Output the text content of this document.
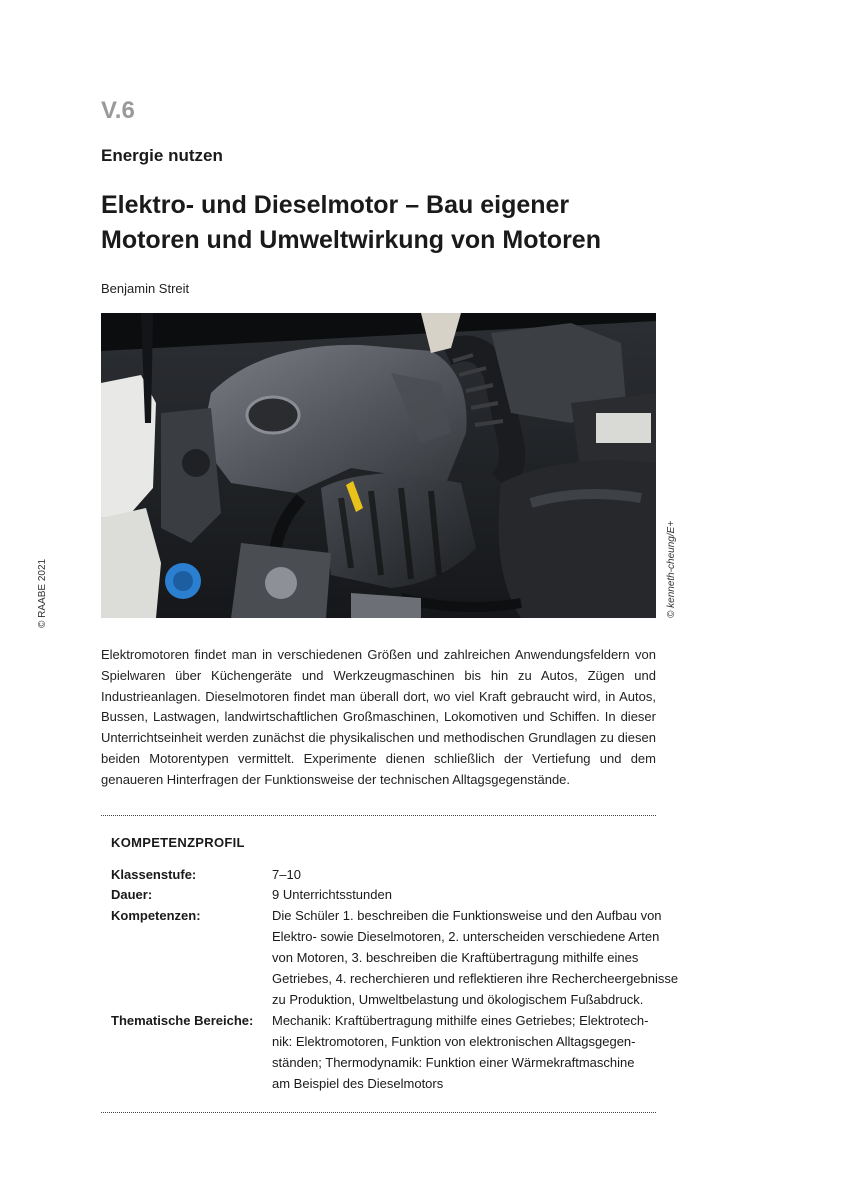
V.6
Energie nutzen
Elektro- und Dieselmotor – Bau eigener
Motoren und Umweltwirkung von Motoren
Benjamin Streit
© kenneth-cheung/E+
© RAABE 2021

Elektromotoren findet man in verschiedenen Größen und zahlreichen Anwendungsfeldern von Spielwaren über Küchengeräte und Werkzeugmaschinen bis hin zu Autos, Zügen und Industrieanlagen. Dieselmotoren findet man überall dort, wo viel Kraft gebraucht wird, in Autos, Bussen, Lastwagen, landwirtschaftlichen Großmaschinen, Lokomotiven und Schiffen. In dieser Unterrichtseinheit werden zunächst die physikalischen und methodischen Grundlagen zu diesen beiden Motorentypen vermittelt. Experimente dienen schließlich der Vertiefung und dem genaueren Hinterfragen der Funktionsweise der technischen Alltagsgegenstände.

KOMPETENZPROFIL
Klassenstufe:	7–10
Dauer:	9 Unterrichtsstunden
Kompetenzen:	Die Schüler 1. beschreiben die Funktionsweise und den Aufbau von
Elektro- sowie Dieselmotoren, 2. unterscheiden verschiedene Arten
von Motoren, 3. beschreiben die Kraftübertragung mithilfe eines
Getriebes, 4. recherchieren und reflektieren ihre Rechercheergebnisse
zu Produktion, Umweltbelastung und ökologischem Fußabdruck.
Thematische Bereiche: Mechanik: Kraftübertragung mithilfe eines Getriebes; Elektrotech-
nik: Elektromotoren, Funktion von elektronischen Alltagsgegen-
ständen; Thermodynamik: Funktion einer Wärmekraftmaschine
am Beispiel des Dieselmotors
